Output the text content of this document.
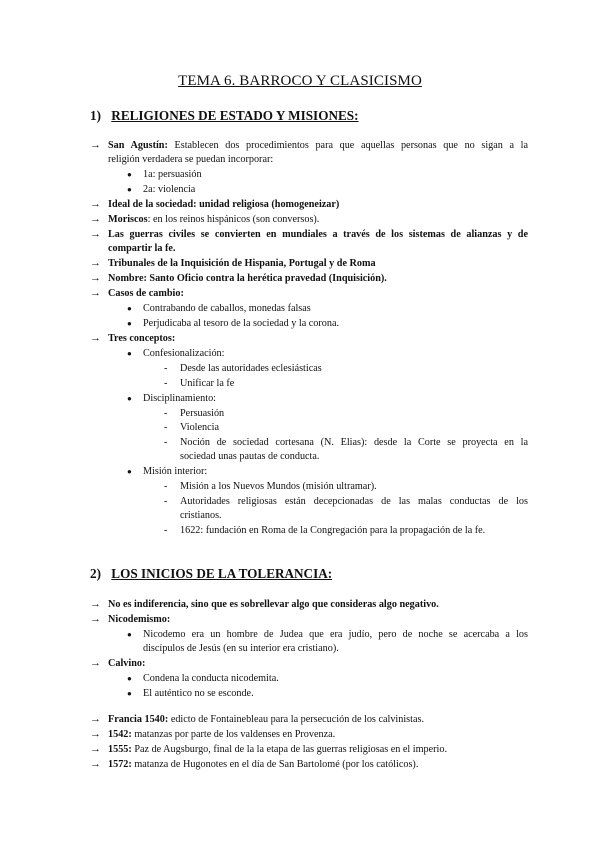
TEMA 6. BARROCO Y CLASICISMO
1) RELIGIONES DE ESTADO Y MISIONES:
→ San Agustín: Establecen dos procedimientos para que aquellas personas que no sigan a la
religión verdadera se puedan incorporar:
● 1a: persuasión
● 2a: violencia
→ Ideal de la sociedad: unidad religiosa (homogeneizar)
→ Moriscos: en los reinos hispánicos (son conversos).
→ Las guerras civiles se convierten en mundiales a través de los sistemas de alianzas y de
compartir la fe.
→ Tribunales de la Inquisición de Hispania, Portugal y de Roma
→ Nombre: Santo Oficio contra la herética pravedad (Inquisición).
→ Casos de cambio:
● Contrabando de caballos, monedas falsas
● Perjudicaba al tesoro de la sociedad y la corona.
→ Tres conceptos:
● Confesionalización:
- Desde las autoridades eclesiásticas
- Unificar la fe
● Disciplinamiento:
- Persuasión
- Violencia
- Noción de sociedad cortesana (N. Elias): desde la Corte se proyecta en la
sociedad unas pautas de conducta.
● Misión interior:
- Misión a los Nuevos Mundos (misión ultramar).
- Autoridades religiosas están decepcionadas de las malas conductas de los
cristianos.
- 1622: fundación en Roma de la Congregación para la propagación de la fe.
2) LOS INICIOS DE LA TOLERANCIA:
→ No es indiferencia, sino que es sobrellevar algo que consideras algo negativo.
→ Nicodemismo:
● Nicodemo era un hombre de Judea que era judío, pero de noche se acercaba a los
discípulos de Jesús (en su interior era cristiano).
→ Calvino:
● Condena la conducta nicodemita.
● El auténtico no se esconde.
→ Francia 1540: edicto de Fontainebleau para la persecución de los calvinistas.
→ 1542: matanzas por parte de los valdenses en Provenza.
→ 1555: Paz de Augsburgo, final de la la etapa de las guerras religiosas en el imperio.
→ 1572: matanza de Hugonotes en el día de San Bartolomé (por los católicos).
